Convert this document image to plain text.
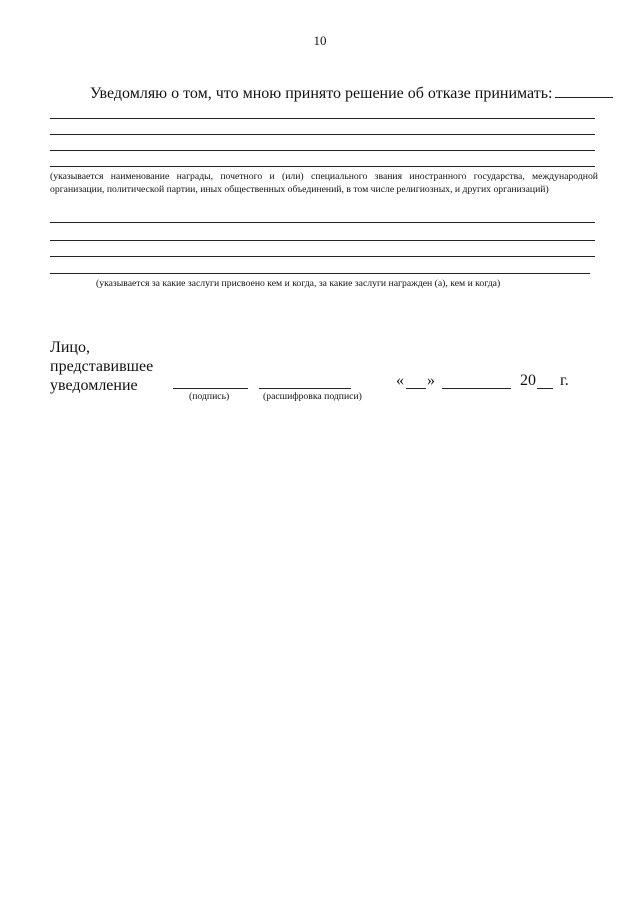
10
Уведомляю о том, что мною принято решение об отказе принимать:
(указывается наименование награды, почетного и (или) специального звания иностранного государства, международной организации, политической партии, иных общественных объединений, в том числе религиозных, и других организаций)
(указывается за какие заслуги присвоено кем и когда, за какие заслуги награжден (а), кем и когда)
Лицо,
представившее
уведомление
(подпись)	(расшифровка подписи)
« »	20 г.
